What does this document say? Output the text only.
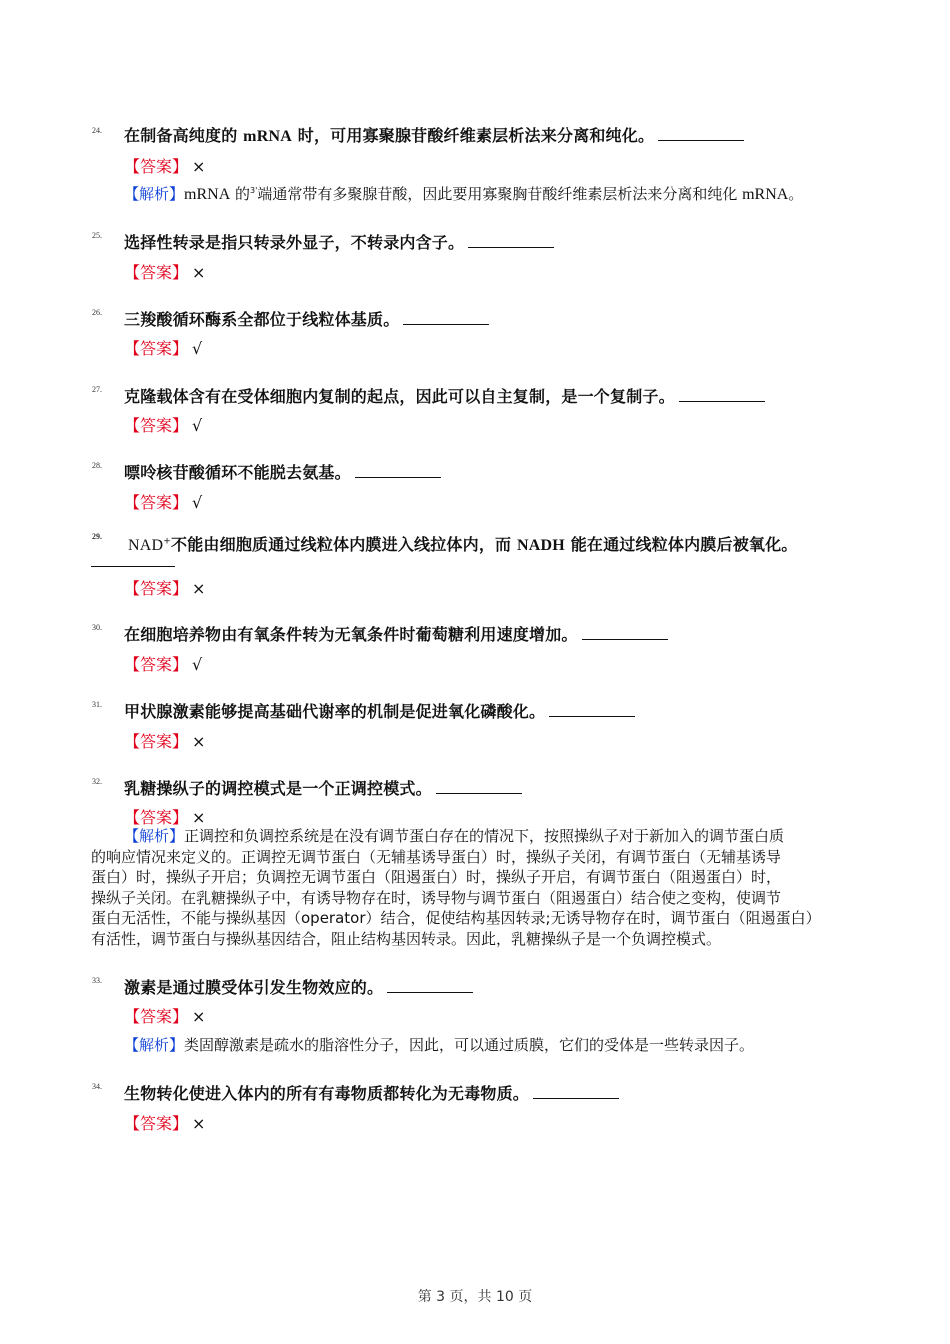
24. 在制备高纯度的 mRNA 时，可用寡聚腺苷酸纤维素层析法来分离和纯化。
【答案】 ×
【解析】mRNA 的$^{3'}$端通常带有多聚腺苷酸，因此要用寡聚胸苷酸纤维素层析法来分离和纯化 mRNA。
25. 选择性转录是指只转录外显子，不转录内含子。
【答案】 ×
26. 三羧酸循环酶系全都位于线粒体基质。
【答案】 √
27. 克隆载体含有在受体细胞内复制的起点，因此可以自主复制，是一个复制子。
【答案】 √
28. 嘌呤核苷酸循环不能脱去氨基。
【答案】 √
29.
NAD+不能由细胞质通过线粒体内膜进入线拉体内，而 NADH 能在通过线粒体内膜后被氧化。
【答案】 ×
30. 在细胞培养物由有氧条件转为无氧条件时葡萄糖利用速度增加。
【答案】 √
31. 甲状腺激素能够提高基础代谢率的机制是促进氧化磷酸化。
【答案】 ×
32. 乳糖操纵子的调控模式是一个正调控模式。
【答案】 ×
【解析】正调控和负调控系统是在没有调节蛋白存在的情况下，按照操纵子对于新加入的调节蛋白质
的响应情况来定义的。正调控无调节蛋白（无辅基诱导蛋白）时，操纵子关闭，有调节蛋白（无辅基诱导
蛋白）时，操纵子开启；负调控无调节蛋白（阻遏蛋白）时，操纵子开启，有调节蛋白（阻遏蛋白）时，
操纵子关闭。在乳糖操纵子中，有诱导物存在时，诱导物与调节蛋白（阻遏蛋白）结合使之变构，使调节
蛋白无活性，不能与操纵基因（operator）结合，促使结构基因转录;无诱导物存在时，调节蛋白（阻遏蛋白）
有活性，调节蛋白与操纵基因结合，阻止结构基因转录。因此，乳糖操纵子是一个负调控模式。
33. 激素是通过膜受体引发生物效应的。
【答案】 ×
【解析】类固醇激素是疏水的脂溶性分子，因此，可以通过质膜，它们的受体是一些转录因子。
34. 生物转化使进入体内的所有有毒物质都转化为无毒物质。
【答案】 ×
第 3 页，共 10 页
